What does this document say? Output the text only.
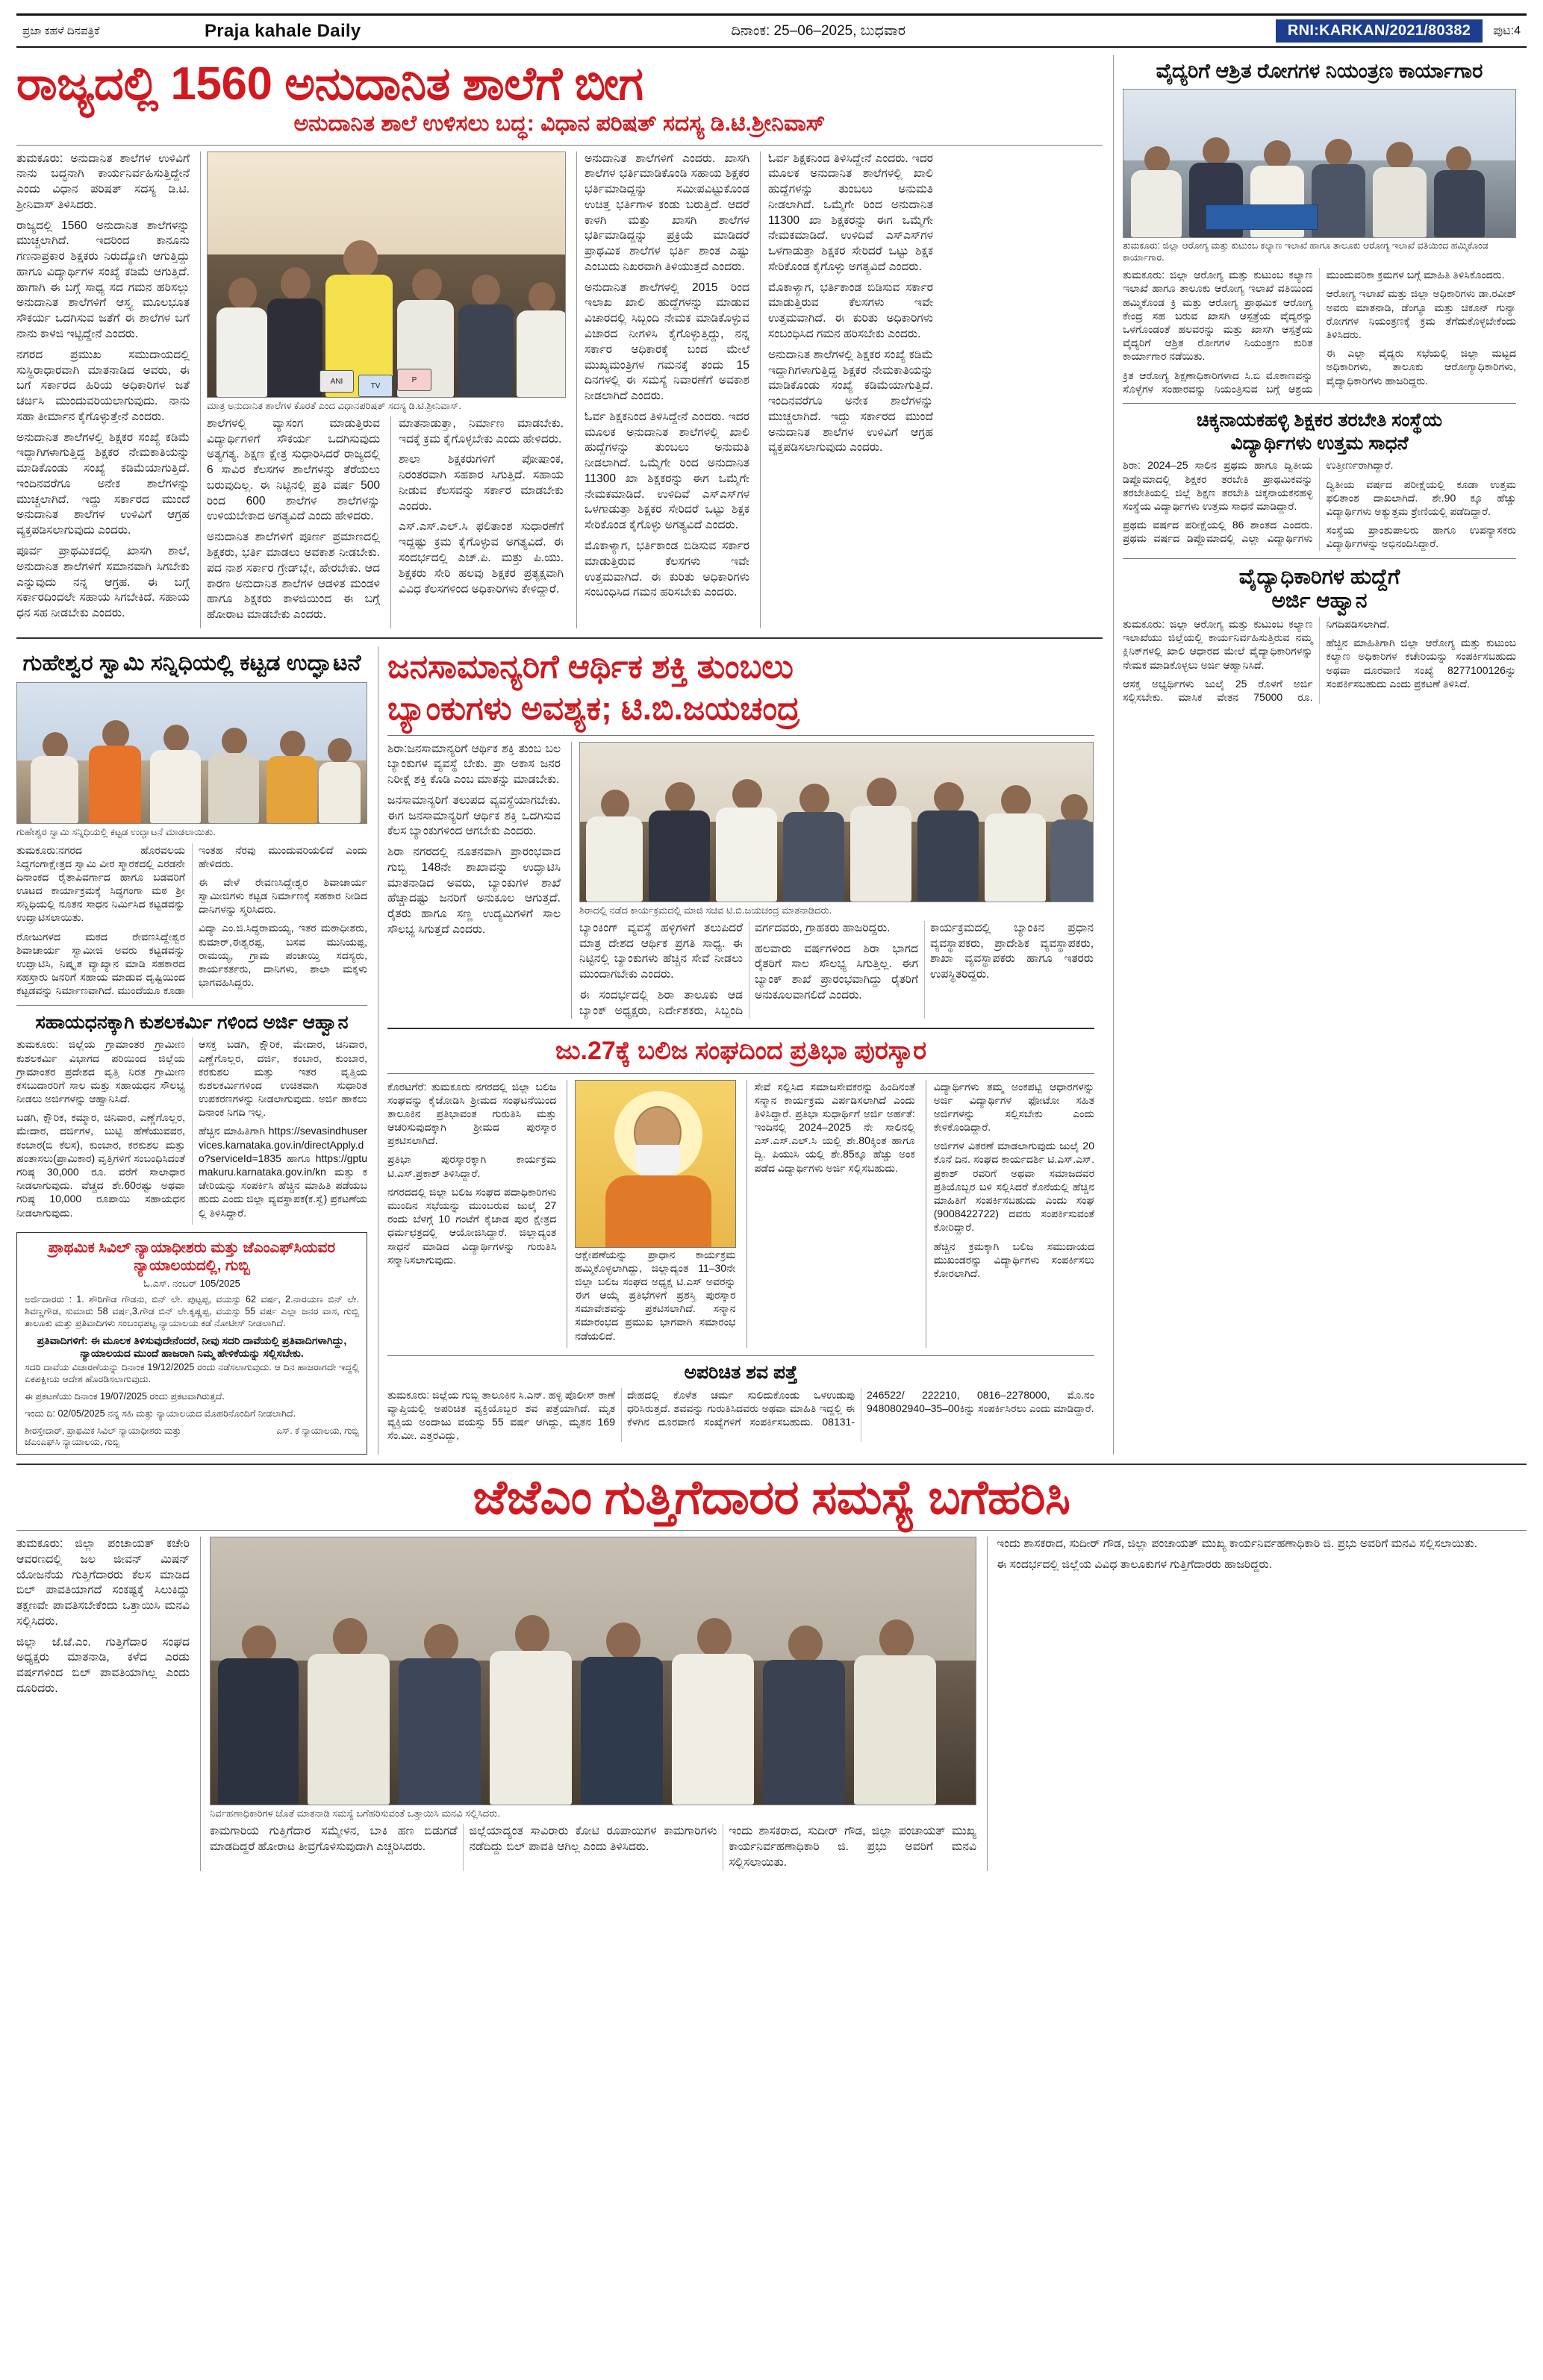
ಪ್ರಜಾ ಕಹಳೆ ದಿನಪತ್ರಿಕೆ	Praja kahale Daily	ದಿನಾಂಕ: 25–06–2025, ಬುಧವಾರ	RNI:KARKAN/2021/80382	ಪುಟ:4
ರಾಜ್ಯದಲ್ಲಿ 1560 ಅನುದಾನಿತ ಶಾಲೆಗೆ ಬೀಗ
ಅನುದಾನಿತ ಶಾಲೆ ಉಳಿಸಲು ಬದ್ಧ: ವಿಧಾನ ಪರಿಷತ್ ಸದಸ್ಯ ಡಿ.ಟಿ.ಶ್ರೀನಿವಾಸ್

ತುಮಕೂರು: ಅನುದಾನಿತ ಶಾಲೆಗಳ ಉಳಿವಿಗೆ ನಾನು ಬದ್ಧನಾಗಿ ಕಾರ್ಯನಿರ್ವಹಿಸುತ್ತಿದ್ದೇನೆ ಎಂದು ವಿಧಾನ ಪರಿಷತ್ ಸದಸ್ಯ ಡಿ.ಟಿ. ಶ್ರೀನಿವಾಸ್ ತಿಳಿಸಿದರು.

ರಾಜ್ಯದಲ್ಲಿ 1560 ಅನುದಾನಿತ ಶಾಲೆಗಳನ್ನು ಮುಚ್ಚಲಾಗಿದೆ. ಇದರಿಂದ ಕಾನೂನು ಗಣನಾಪ್ರಕಾರ ಶಿಕ್ಷಕರು ನಿರುದ್ಯೋಗಿ ಆಗುತ್ತಿದ್ದು ಹಾಗೂ ವಿದ್ಯಾರ್ಥಿಗಳ ಸಂಖ್ಯೆ ಕಡಿಮೆ ಆಗುತ್ತಿದೆ. ಹಾಗಾಗಿ ಈ ಬಗ್ಗೆ ಸಾಧ್ಯ ಸದ ಗಮನ ಹರಿಸಲ್ಲು ಅನುದಾನಿತ ಶಾಲೆಗಳಿಗೆ ಆಸ್ತ್ಯ ಮೂಲಭೂತ ಸೌಕರ್ಯ ಒದಗಿಸುವ ಜತೆಗೆ ಈ ಶಾಲೆಗಳ ಬಗೆ ನಾನು ಕಾಳಜಿ ಇಟ್ಟಿದ್ದೇನೆ ಎಂದರು.

ನಗರದ ಪ್ರಮುಖ ಸಮುದಾಯದಲ್ಲಿ ಸುಸ್ಥಿರಾಧಾರವಾಗಿ ಮಾತನಾಡಿದ ಅವರು, ಈ ಬಗೆ ಸರ್ಕಾರದ ಹಿರಿಯ ಅಧಿಕಾರಿಗಳ ಜತೆ ಚರ್ಚಿಸಿ ಮುಂದುವರಿಯಲಾಗುವುದು. ನಾನು ಸಹಾ ತೀರ್ಮಾನ ಕೈಗೊಳ್ಳುತ್ತೇನೆ ಎಂದರು.

ಅನುದಾನಿತ ಶಾಲೆಗಳಲ್ಲಿ ಶಿಕ್ಷಕರ ಸಂಖ್ಯೆ ಕಡಿಮೆ ಇದ್ದಾಗಿಗಳಾಗುತ್ತಿದ್ದ ಶಿಕ್ಷಕರ ನೇಮಕಾತಿಯನ್ನು ಮಾಡಿಕೊಂಡು ಸಂಖ್ಯೆ ಕಡಿಮೆಯಾಗುತ್ತಿದೆ. ಇಂದಿನವರೆಗೂ ಅನೇಕ ಶಾಲೆಗಳನ್ನು ಮುಚ್ಚಲಾಗಿದೆ. ಇದ್ದು ಸರ್ಕಾರದ ಮುಂದೆ ಅನುದಾನಿತ ಶಾಲೆಗಳ ಉಳಿವಿಗೆ ಆಗ್ರಹ ವ್ಯಕ್ತಪಡಿಸಲಾಗುವುದು ಎಂದರು.

ಪೂರ್ವ ಪ್ರಾಥಮಿಕದಲ್ಲಿ ಖಾಸಗಿ ಶಾಲೆ, ಅನುದಾನಿತ ಶಾಲೆಗಳಿಗೆ ಸಮಾನವಾಗಿ ಸಿಗಬೇಕು ಎನ್ನುವುದು ನನ್ನ ಆಗ್ರಹ. ಈ ಬಗ್ಗೆ ಸರ್ಕಾರದಿಂದಲೇ ಸಹಾಯ ಸಿಗಬೇಕಿದೆ. ಸಹಾಯ ಧನ ಸಹ ನೀಡಬೇಕು ಎಂದರು.

ANI
TV
P
ಮಾತ್ರ ಅನುದಾನಿತ ಶಾಲೆಗಳ ಕೊರತೆ ಎಂದ ವಿಧಾನಪರಿಷತ್ ಸದಸ್ಯ ಡಿ.ಟಿ.ಶ್ರೀನಿವಾಸ್.

ಶಾಲೆಗಳಲ್ಲಿ ವ್ಯಾಸಂಗ ಮಾಡುತ್ತಿರುವ ವಿದ್ಯಾರ್ಥಿಗಳಿಗೆ ಸೌಕರ್ಯ ಒದಗಿಸುವುದು ಅತ್ಯಗತ್ಯ. ಶಿಕ್ಷಣ ಕ್ಷೇತ್ರ ಸುಧಾರಿಸಿದರೆ ರಾಜ್ಯದಲ್ಲಿ 6 ಸಾವಿರ ಕೆಲಸಗಳ ಶಾಲೆಗಳನ್ನು ತೆರೆಯಲು ಬರುವುದಿಲ್ಲ. ಈ ನಿಟ್ಟಿನಲ್ಲಿ ಪ್ರತಿ ವರ್ಷ 500 ರಿಂದ 600 ಶಾಲೆಗಳ ಶಾಲೆಗಳನ್ನು ಉಳಿಯಬೇಕಾದ ಅಗತ್ಯವಿದೆ ಎಂದು ಹೇಳಿದರು.

ಅನುದಾನಿತ ಶಾಲೆಗಳಿಗೆ ಪೂರ್ಣ ಪ್ರಮಾಣದಲ್ಲಿ ಶಿಕ್ಷಕರು, ಭರ್ತಿ ಮಾಡಲು ಅವಕಾಶ ನೀಡಬೇಕು. ಪದ ನಾಶ ಸರ್ಕಾರ ಗ್ರೇಡ್‌ಬ್ಲೇ, ಹೇರಬೇಕು. ಆದ ಕಾರಣ ಅನುದಾನಿತ ಶಾಲೆಗಳ ಆಡಳಿತ ಮಂಡಳಿ ಹಾಗೂ ಶಿಕ್ಷಕರು ಕಾಳಜಿಯಿಂದ ಈ ಬಗ್ಗೆ ಹೋರಾಟ ಮಾಡಬೇಕು ಎಂದರು.

ಮಾತನಾಡುತ್ತಾ, ನಿರ್ಮಾಣ ಮಾಡಬೇಕು. ಇದಕ್ಕೆ ಕ್ರಮ ಕೈಗೊಳ್ಳಬೇಕು ಎಂದು ಹೇಳಿದರು.

ಶಾಲಾ ಶಿಕ್ಷಕರುಗಳಿಗೆ ಪೋಷಾಂಕ, ನಿರಂತರವಾಗಿ ಸಹಕಾರ ಸಿಗುತ್ತಿದೆ. ಸಹಾಯ ನೀಡುವ ಕೆಲಸವನ್ನು ಸರ್ಕಾರ ಮಾಡಬೇಕು ಎಂದರು.

ಎಸ್.ಎಸ್.ಎಲ್.ಸಿ ಫಲಿತಾಂಶ ಸುಧಾರಣೆಗೆ ಇದ್ದಷ್ಟು ಕ್ರಮ ಕೈಗೊಳ್ಳುವ ಅಗತ್ಯವಿದೆ. ಈ ಸಂದರ್ಭದಲ್ಲಿ ಎಚ್.ಪಿ. ಮತ್ತು ಪಿ.ಯು. ಶಿಕ್ಷಕರು ಸೇರಿ ಹಲವು ಶಿಕ್ಷಕರ ಪ್ರತ್ಯಕ್ಷವಾಗಿ ವಿವಿಧ ಕೆಲಸಗಳಿಂದ ಅಧಿಕಾರಿಗಳು ಕೇಳಿದ್ದಾರೆ.

ಅನುದಾನಿತ ಶಾಲೆಗಳಿಗೆ ಎಂದರು. ಖಾಸಗಿ ಶಾಲೆಗಳ ಭರ್ತಿಮಾಡಿಕೊಂಡಿ ಸಹಾಯ ಶಿಕ್ಷಕರ ಭರ್ತಿಮಾಡಿದ್ದನ್ನು ಸಮೀಪವಿಟ್ಟುಕೊಂಡ ಉಚಿತ್ತ ಭರ್ತಿಗಾಳ ಕಂಡು ಬರುತ್ತಿದೆ. ಆದರೆ ಕಾಳಗಿ ಮತ್ತು ಖಾಸಗಿ ಶಾಲೆಗಳ ಭರ್ತಿಮಾಡಿದ್ದನ್ನು ಪ್ರಕ್ರಿಯೆ ಮಾಡಿದರೆ ಪ್ರಾಥಮಿಕ ಶಾಲೆಗಳ ಭರ್ತಿ ಶಾಂತ ಎಷ್ಟು ಎಂಬುದು ನಿಖರವಾಗಿ ತಿಳಿಯುತ್ತದೆ ಎಂದರು.

ಅನುದಾನಿತ ಶಾಲೆಗಳಲ್ಲಿ 2015 ರಿಂದ ಇಲಾಖ ಖಾಲಿ ಹುದ್ದೆಗಳನ್ನು ಮಾಡುವ ವಿಚಾರದಲ್ಲಿ ಸಿಬ್ಬಂದಿ ನೇಮಕ ಮಾಡಿಕೊಳ್ಳುವ ವಿಚಾರದ ನೀಗಳಿಸಿ ಕೈಗೊಳ್ಳುತ್ತಿದ್ದು, ನನ್ನ ಸರ್ಕಾರ ಅಧಿಕಾರಕ್ಕೆ ಬಂದ ಮೇಲೆ ಮುಖ್ಯಮಂತ್ರಿಗಳ ಗಮನಕ್ಕೆ ತಂದು 15 ದಿನಗಳಲ್ಲಿ ಈ ಸಮಸ್ಯೆ ನಿವಾರಣೆಗೆ ಅವಕಾಶ ನೀಡಲಾಗಿದೆ ಎಂದರು.

ಓರ್ವ ಶಿಕ್ಷಕನಿಂದ ತಿಳಿಸಿದ್ದೇನೆ ಎಂದರು. ಇದರ ಮೂಲಕ ಅನುದಾನಿತ ಶಾಲೆಗಳಲ್ಲಿ ಖಾಲಿ ಹುದ್ದೆಗಳನ್ನು ತುಂಬಲು ಅನುಮತಿ ನೀಡಲಾಗಿದೆ. ಒಮ್ಮೆಗೇ ರಿಂದ ಅನುದಾನಿತ 11300 ಖಾ ಶಿಕ್ಷಕರನ್ನು ಈಗ ಒಮ್ಮೆಗೇ ನೇಮಕಮಾಡಿದೆ. ಉಳಿದಿವೆ ಎಸ್‌ಎಸ್‌ಗಳ ಒಳಗಾಡುತ್ತಾ ಶಿಕ್ಷಕರ ಸೇರಿದರೆ ಒಟ್ಟು ಶಿಕ್ಷಕ ಸೇರಿಕೊಂಡ ಕೈಗೊಳ್ಳು ಅಗತ್ಯವಿದೆ ಎಂದರು.

ಮೊಕಾಳ್ಯಾಗ, ಭರ್ತಿಕಾಂಡ ಬಿಡಿಸುವ ಸರ್ಕಾರ ಮಾಡುತ್ತಿರುವ ಕೆಲಸಗಳು ಇವೇ ಉತ್ತಮವಾಗಿದೆ. ಈ ಕುರಿತು ಅಧಿಕಾರಿಗಳು ಸಂಬಂಧಿಸಿದ ಗಮನ ಹರಿಸಬೇಕು ಎಂದರು.

ಓರ್ವ ಶಿಕ್ಷಕನಿಂದ ತಿಳಿಸಿದ್ದೇನೆ ಎಂದರು. ಇದರ ಮೂಲಕ ಅನುದಾನಿತ ಶಾಲೆಗಳಲ್ಲಿ ಖಾಲಿ ಹುದ್ದೆಗಳನ್ನು ತುಂಬಲು ಅನುಮತಿ ನೀಡಲಾಗಿದೆ. ಒಮ್ಮೆಗೇ ರಿಂದ ಅನುದಾನಿತ 11300 ಖಾ ಶಿಕ್ಷಕರನ್ನು ಈಗ ಒಮ್ಮೆಗೇ ನೇಮಕಮಾಡಿದೆ. ಉಳಿದಿವೆ ಎಸ್‌ಎಸ್‌ಗಳ ಒಳಗಾಡುತ್ತಾ ಶಿಕ್ಷಕರ ಸೇರಿದರೆ ಒಟ್ಟು ಶಿಕ್ಷಕ ಸೇರಿಕೊಂಡ ಕೈಗೊಳ್ಳು ಅಗತ್ಯವಿದೆ ಎಂದರು.

ಮೊಕಾಳ್ಯಾಗ, ಭರ್ತಿಕಾಂಡ ಬಿಡಿಸುವ ಸರ್ಕಾರ ಮಾಡುತ್ತಿರುವ ಕೆಲಸಗಳು ಇವೇ ಉತ್ತಮವಾಗಿದೆ. ಈ ಕುರಿತು ಅಧಿಕಾರಿಗಳು ಸಂಬಂಧಿಸಿದ ಗಮನ ಹರಿಸಬೇಕು ಎಂದರು.

ಅನುದಾನಿತ ಶಾಲೆಗಳಲ್ಲಿ ಶಿಕ್ಷಕರ ಸಂಖ್ಯೆ ಕಡಿಮೆ ಇದ್ದಾಗಿಗಳಾಗುತ್ತಿದ್ದ ಶಿಕ್ಷಕರ ನೇಮಕಾತಿಯನ್ನು ಮಾಡಿಕೊಂಡು ಸಂಖ್ಯೆ ಕಡಿಮೆಯಾಗುತ್ತಿದೆ. ಇಂದಿನವರೆಗೂ ಅನೇಕ ಶಾಲೆಗಳನ್ನು ಮುಚ್ಚಲಾಗಿದೆ. ಇದ್ದು ಸರ್ಕಾರದ ಮುಂದೆ ಅನುದಾನಿತ ಶಾಲೆಗಳ ಉಳಿವಿಗೆ ಆಗ್ರಹ ವ್ಯಕ್ತಪಡಿಸಲಾಗುವುದು ಎಂದರು.

ಗುಹೇಶ್ವರ ಸ್ವಾಮಿ ಸನ್ನಿಧಿಯಲ್ಲಿ ಕಟ್ಟಡ ಉದ್ಘಾಟನೆ
ಗುಹೇಶ್ವರ ಸ್ವಾಮಿ ಸನ್ನಿಧಿಯಲ್ಲಿ ಕಟ್ಟಡ ಉದ್ಘಾಟನೆ ಮಾಡಲಾಯಿತು.

ತುಮಕೂರು:ನಗರದ ಹೊರವಲಯ ಸಿದ್ಧಗಂಗಾಕ್ಷೇತ್ರದ ಸ್ವಾಮಿ ವೀರ ಸ್ಮಾರಕದಲ್ಲಿ ಎರಡನೇ ದಿನಾಂಕದ ರೈತಾಪಿವರ್ಗಾದ ಹಾಗೂ ಬಡವರಿಗೆ ಊಟದ ಕಾರ್ಯಾಕ್ರಮಕ್ಕೆ ಸಿದ್ಧಗಂಗಾ ಮಠ ಶ್ರೀ ಸನ್ನಿಧಿಯಲ್ಲಿ ನೂತನ ಸಾಧನ ನಿರ್ಮಿಸಿದ ಕಟ್ಟಡವನ್ನು ಉದ್ಘಾಟಿಸಲಾಯಿತು.

ರೋಜುಗಳದ ಮಠದ ರೇವಣಸಿದ್ದೇಶ್ವರ ಶಿವಾಚಾರ್ಯ ಸ್ವಾಮೀಜಿ ಅವರು ಕಟ್ಟಡವನ್ನು ಉದ್ಘಾಟಿಸಿ, ನಿಷ್ಕೃತ ವ್ಯಾಖ್ಯಾನ ಮಾಡಿ ಸಹಕಾರದ ಸಹಸ್ರಾರು ಜನರಿಗೆ ಸಹಾಯ ಮಾಡುವ ದೃಷ್ಟಿಯಿಂದ ಕಟ್ಟಡವನ್ನು ನಿರ್ಮಾಣವಾಗಿದೆ. ಮುಂದೆಯೂ ಕೂಡಾ ಇಂತಹ ನೆರವು ಮುಂದುವರಿಯಲಿದೆ ಎಂದು ಹೇಳಿದರು.

ಈ ವೇಳೆ ರೇವಣಸಿದ್ದೇಶ್ವರ ಶಿವಾಚಾರ್ಯ ಸ್ವಾಮೀಜಿಗಳು ಕಟ್ಟಡ ನಿರ್ಮಾಣಕ್ಕೆ ಸಹಕಾರ ನೀಡಿದ ದಾನಿಗಳನ್ನು ಸ್ಮರಿಸಿದರು.

ವಿದ್ಯಾ ಎಂ.ಜಿ.ಸಿದ್ಧರಾಮಯ್ಯ, ಇತರ ಮಠಾಧೀಶರು, ಕುಮಾರ್,ಈಶ್ವರಪ್ಪ, ಬಸವ ಮುನಿಯಪ್ಪ, ರಾಮಯ್ಯ, ಗ್ರಾಮ ಪಂಚಾಯ್ತಿ ಸದಸ್ಯರು, ಕಾರ್ಯಕರ್ತರು, ದಾನಿಗಳು, ಶಾಲಾ ಮಕ್ಕಳು ಭಾಗವಹಿಸಿದ್ದರು.

ಸಹಾಯಧನಕ್ಕಾಗಿ ಕುಶಲಕರ್ಮಿ ಗಳಿಂದ ಅರ್ಜಿ ಆಹ್ವಾನ

ತುಮಕೂರು: ಜಿಲ್ಲೆಯ ಗ್ರಾಮಾಂತರ ಗ್ರಾಮೀಣ ಕುಶಲಕರ್ಮಿ ವಿಭಾಗದ ಪರಿಯಿಂದ ಜಿಲ್ಲೆಯ ಗ್ರಾಮಾಂತರ ಪ್ರದೇಶದ ವೃತ್ತಿ ನಿರತ ಗ್ರಾಮೀಣ ಕಸಬುದಾರರಿಗೆ ಸಾಲ ಮತ್ತು ಸಹಾಯಧನ ಸೌಲಭ್ಯ ನೀಡಲು ಅರ್ಜಿಗಳನ್ನು ಆಹ್ವಾನಿಸಿದೆ.

ಬಡಗಿ, ಕ್ಷೌರಿಕ, ಕಮ್ಮಾರ, ಚಿನಿವಾರ, ಎಣ್ಣೆಗೊಲ್ಲರ, ಮೇದಾರ, ದರ್ಜಿಗಳ, ಬುಟ್ಟಿ ಹೆಣೆಯುವವರ, ಕಂಬಾರ(ಬಿ ಕೆಲಸ), ಕುಂಬಾರ, ಕರಕುಶಲ ಮತ್ತು ಹಂತಾಸಲು(ಪ್ರಾಮಿಕಾರ) ವೃತ್ತಿಗಳಿಗೆ ಸಂಬಂಧಿಸಿದಂತೆ ಗರಿಷ್ಠ 30,000 ರೂ. ವರೆಗೆ ಸಾಲಾಧಾರ ನೀಡಲಾಗುವುದು. ವೆಚ್ಚದ ಶೇ.60ರಷ್ಟು ಅಥವಾ ಗರಿಷ್ಠ 10,000 ರೂಪಾಯಿ ಸಹಾಯಧನ ನೀಡಲಾಗುವುದು.

ಆಸಕ್ತ ಬಡಗಿ, ಕ್ಷೌರಿಕ, ಮೇದಾರ, ಚಿನಿವಾರ, ಎಣ್ಣೆಗೊಲ್ಲರ, ದರ್ಜಿ, ಕಂಬಾರ, ಕುಂಬಾರ, ಕರಕುಶಲ ಮತ್ತು ಇತರ ವೃತ್ತಿಯ ಕುಶಲಕರ್ಮಿಗಳಿಂದ ಉಚಿತವಾಗಿ ಸುಧಾರಿತ ಉಪಕರಣಗಳನ್ನು ನೀಡಲಾಗುವುದು. ಅರ್ಜಿ ಹಾಕಲು ದಿನಾಂಕ ನಿಗದಿ ಇಲ್ಲ.

ಹೆಚ್ಚಿನ ಮಾಹಿತಿಗಾಗಿ https://sevasindhuservices.karnataka.gov.in/directApply.do?serviceId=1835 ಹಾಗೂ https://gptumakuru.karnataka.gov.in/kn ಮತ್ತು ಕಚೇರಿಯನ್ನು ಸಂಪರ್ಕಿಸಿ ಹೆಚ್ಚಿನ ಮಾಹಿತಿ ಪಡೆಯಬಹುದು ಎಂದು ಜಿಲ್ಲಾ ವ್ಯವಸ್ಥಾಪಕ(ಕ.ಸ್ವೆ) ಪ್ರಕಟಣೆಯಲ್ಲಿ ತಿಳಿಸಿದ್ದಾರೆ.

ಪ್ರಾಥಮಿಕ ಸಿವಿಲ್ ನ್ಯಾಯಾಧೀಶರು ಮತ್ತು ಜೆಎಂಎಫ್‌ಸಿಯವರ ನ್ಯಾಯಾಲಯದಲ್ಲಿ, ಗುಬ್ಬಿ
ಓ.ಎಸ್. ನಂಬರ್ 105/2025

ಅರ್ಜಿದಾರರು : 1. ಶೌರಿಗೌಡ ಗೌಡನು, ಬಿನ್ ಲೇ. ಪುಟ್ಟಪ್ಪ, ವಯಸ್ಸು 62 ವರ್ಷ, 2.ನಾರಯಣ ಬಿನ್ ಲೇ. ಶಿವಣ್ಣಗೌಡ, ಸುಮಾರು 58 ವರ್ಷ,3.ಗೌಡ ಬಿನ್ ಲೇ.ಕೃಷ್ಣಪ್ಪ, ವಯಸ್ಸು 55 ವರ್ಷ ಎಲ್ಲಾ ಜನರ ವಾಸ, ಗುಬ್ಬಿ ತಾಲೂಕು ಮತ್ತು ಪ್ರತಿವಾದಿಗಳು ಸಂಬಂಧಪಟ್ಟ ನ್ಯಾಯಾಲಯ ಕಡೆ ನೋಟೀಸ್ ನೀಡಲಾಗಿದೆ.

ಪ್ರತಿವಾದಿಗಳಿಗೆ: ಈ ಮೂಲಕ ತಿಳಿಸುವುದೇನೆಂದರೆ, ನೀವು ಸದರಿ ದಾವೆಯಲ್ಲಿ ಪ್ರತಿವಾದಿಗಳಾಗಿದ್ದು, ನ್ಯಾಯಾಲಯದ ಮುಂದೆ ಹಾಜರಾಗಿ ನಿಮ್ಮ ಹೇಳಿಕೆಯನ್ನು ಸಲ್ಲಿಸಬೇಕು.

ಸದರಿ ದಾವೆಯ ವಿಚಾರಣೆಯನ್ನು ದಿನಾಂಕ 19/12/2025 ರಂದು ನಡೆಸಲಾಗುವುದು. ಆ ದಿನ ಹಾಜರಾಗದೇ ಇದ್ದಲ್ಲಿ ಏಕಪಕ್ಷೀಯ ಆದೇಶ ಹೊರಡಿಸಲಾಗುವುದು.

ಈ ಪ್ರಕಟಣೆಯು ದಿನಾಂಕ 19/07/2025 ರಂದು ಪ್ರಕಟವಾಗಿರುತ್ತದೆ.

ಇಂದು ದಿ: 02/05/2025 ನನ್ನ ಸಹಿ ಮತ್ತು ನ್ಯಾಯಾಲಯದ ಮೊಹರಿನೊಂದಿಗೆ ನೀಡಲಾಗಿದೆ.

ಶೀರಸ್ತೇದಾರ್, ಪ್ರಾಥಮಿಕ ಸಿವಿಲ್ ನ್ಯಾಯಾಧೀಶರು ಮತ್ತು ಜೆಎಂಎಫ್‌ಸಿ ನ್ಯಾಯಾಲಯ, ಗುಬ್ಬಿ
ಎಸ್. ಕೆ ನ್ಯಾಯಾಲಯ, ಗುಬ್ಬಿ
ಜನಸಾಮಾನ್ಯರಿಗೆ ಆರ್ಥಿಕ ಶಕ್ತಿ ತುಂಬಲು
ಬ್ಯಾಂಕುಗಳು ಅವಶ್ಯಕ; ಟಿ.ಬಿ.ಜಯಚಂದ್ರ

ಶಿರಾ:ಜನಸಾಮಾನ್ಯರಿಗೆ ಆರ್ಥಿಕ ಶಕ್ತಿ ತುಂಬ ಬಲ ಬ್ಯಾಂಕುಗಳ ವ್ಯವಸ್ಥೆ ಬೇಕು. ಪ್ರಾ ಅಕಾಸ ಜನರ ನಿರೀಕ್ಷೆ ಶಕ್ತಿ ಕೊಡಿ ಎಂಬ ಮಾತನ್ನು ಮಾಡಬೇಕು.

ಜನಸಾಮಾನ್ಯರಿಗೆ ತಲುಪದ ವ್ಯವಸ್ಥೆಯಾಗಬೇಕು. ಈಗ ಜನಸಾಮಾನ್ಯರಿಗೆ ಆರ್ಥಿಕ ಶಕ್ತಿ ಒದಗಿಸುವ ಕೆಲಸ ಬ್ಯಾಂಕುಗಳಿಂದ ಆಗಬೇಕು ಎಂದರು.

ಶಿರಾ ನಗರದಲ್ಲಿ ನೂತನವಾಗಿ ಪ್ರಾರಂಭವಾದ ಗುಬ್ಬಿ 148ನೇ ಶಾಖಾವನ್ನು ಉದ್ಘಾಟಿಸಿ ಮಾತನಾಡಿದ ಅವರು, ಬ್ಯಾಂಕುಗಳ ಶಾಖೆ ಹೆಚ್ಚಾದಷ್ಟು ಜನರಿಗೆ ಅನುಕೂಲ ಆಗುತ್ತದೆ. ರೈತರು ಹಾಗೂ ಸಣ್ಣ ಉದ್ಯಮಿಗಳಿಗೆ ಸಾಲ ಸೌಲಭ್ಯ ಸಿಗುತ್ತದೆ ಎಂದರು.

ಶಿರಾದಲ್ಲಿ ನಡೆದ ಕಾರ್ಯಕ್ರಮದಲ್ಲಿ ಮಾಜಿ ಸಚಿವ ಟಿ.ಬಿ.ಜಯಚಂದ್ರ ಮಾತನಾಡಿದರು.

ಬ್ಯಾಂಕಿಂಗ್ ವ್ಯವಸ್ಥೆ ಹಳ್ಳಿಗಳಿಗೆ ತಲುಪಿದರೆ ಮಾತ್ರ ದೇಶದ ಆರ್ಥಿಕ ಪ್ರಗತಿ ಸಾಧ್ಯ. ಈ ನಿಟ್ಟಿನಲ್ಲಿ ಬ್ಯಾಂಕುಗಳು ಹೆಚ್ಚಿನ ಸೇವೆ ನೀಡಲು ಮುಂದಾಗಬೇಕು ಎಂದರು.

ಈ ಸಂದರ್ಭದಲ್ಲಿ ಶಿರಾ ತಾಲೂಕು ಆಡ ಬ್ಯಾಂಕ್ ಅಧ್ಯಕ್ಷರು, ನಿರ್ದೇಶಕರು, ಸಿಬ್ಬಂದಿ ವರ್ಗದವರು, ಗ್ರಾಹಕರು ಹಾಜರಿದ್ದರು.

ಹಲವಾರು ವರ್ಷಗಳಿಂದ ಶಿರಾ ಭಾಗದ ರೈತರಿಗೆ ಸಾಲ ಸೌಲಭ್ಯ ಸಿಗುತ್ತಿಲ್ಲ. ಈಗ ಬ್ಯಾಂಕ್ ಶಾಖೆ ಪ್ರಾರಂಭವಾಗಿದ್ದು ರೈತರಿಗೆ ಅನುಕೂಲವಾಗಲಿದೆ ಎಂದರು.

ಕಾರ್ಯಕ್ರಮದಲ್ಲಿ ಬ್ಯಾಂಕಿನ ಪ್ರಧಾನ ವ್ಯವಸ್ಥಾಪಕರು, ಪ್ರಾದೇಶಿಕ ವ್ಯವಸ್ಥಾಪಕರು, ಶಾಖಾ ವ್ಯವಸ್ಥಾಪಕರು ಹಾಗೂ ಇತರರು ಉಪಸ್ಥಿತರಿದ್ದರು.

ಜು.27ಕ್ಕೆ ಬಲಿಜ ಸಂಘದಿಂದ ಪ್ರತಿಭಾ ಪುರಸ್ಕಾರ

ಕೊರಟಗೆರೆ: ತುಮಕೂರು ನಗರದಲ್ಲಿ ಜಿಲ್ಲಾ ಬಲಿಜ ಸಂಘವನ್ನು ಕೈಜೋಡಿಸಿ ಶ್ರೀಮದ ಸಂಘಟನೆಯಿಂದ ತಾಲೂಕಿನ ಪ್ರತಿಭಾವಂತ ಗುರುತಿಸಿ ಮತ್ತು ಆಚರಿಸುವುದಕ್ಕಾಗಿ ಶ್ರೀಮದ ಪುರಸ್ಕಾರ ಪ್ರಕಟಿಸಲಾಗಿದೆ.

ಪ್ರತಿಭಾ ಪುರಸ್ಕಾರಕ್ಕಾಗಿ ಕಾರ್ಯಕ್ರಮ ಟಿ.ಎಸ್.ಪ್ರಕಾಶ್ ತಿಳಿಸಿದ್ದಾರೆ.

ನಗರದದಲ್ಲಿ ಜಿಲ್ಲಾ ಬಲಿಜ ಸಂಘದ ಪದಾಧಿಕಾರಿಗಳು ಮುಂದಿನ ಸಭೆಯನ್ನು ಮುಂಬರುವ ಜುಲೈ 27 ರಂದು ಬೆಳಗ್ಗೆ 10 ಗಂಟೆಗೆ ಕೈಜಾಡ ಪುರ ಕ್ಷೇತ್ರದ ಧರ್ಮಛತ್ರದಲ್ಲಿ ಆಯೋಜಿಸಿದ್ದಾರೆ. ಜಿಲ್ಲಾದ್ಯಂತ ಸಾಧನೆ ಮಾಡಿದ ವಿದ್ಯಾರ್ಥಿಗಳನ್ನು ಗುರುತಿಸಿ ಸನ್ಮಾನಿಸಲಾಗುವುದು.	ಆಕ್ಷೇಪಣೆಯನ್ನು ಪ್ರಾಧಾನ ಕಾರ್ಯಕ್ರಮ ಹಮ್ಮಿಕೊಳ್ಳಲಾಗಿದ್ದು, ಜಿಲ್ಲಾದ್ಯಂತ 11–30ನೇ ಜಿಲ್ಲಾ ಬಲಿಜ ಸಂಘದ ಅಧ್ಯಕ್ಷ ಟಿ.ಎಸ್ ಅವರನ್ನು ಈಗ ಆಯ್ಕೆ ಪ್ರತಿಭೆಗಳಿಗೆ ಪ್ರಶಸ್ತಿ ಪುರಸ್ಕಾರ ಸಮಾವೇಶವನ್ನು ಪ್ರಕಟಿಸಲಾಗಿದೆ. ಸನ್ಮಾನ ಸಮಾರಂಭದ ಪ್ರಮುಖ ಭಾಗವಾಗಿ ಸಮಾರಂಭ ನಡೆಯಲಿದೆ.

ಸೇವೆ ಸಲ್ಲಿಸಿದ ಸಮಾಜಸೇವಕರನ್ನು ಹಿಂದಿನಂತೆ ಸನ್ಮಾನ ಕಾರ್ಯಕ್ರಮ ಎರ್ಪಡಿಸಲಾಗಿದೆ ಎಂದು ತಿಳಿಸಿದ್ದಾರೆ. ಪ್ರತಿಭಾ ಸುಧಾರ್ಥಿಗೆ ಅರ್ಜಿ ಅರ್ಹತೆ: ಇಂದಿನಲ್ಲಿ 2024–2025 ನೇ ಸಾಲಿನಲ್ಲಿ ಎಸ್.ಎಸ್.ಎಲ್.ಸಿ ಯಲ್ಲಿ ಶೇ.80ಕ್ಕಿಂತ ಹಾಗೂ ದ್ವಿ. ಪಿಯುಸಿ ಯಲ್ಲಿ ಶೇ.85ಕ್ಕೂ ಹೆಚ್ಚು ಅಂಕ ಪಡೆದ ವಿದ್ಯಾರ್ಥಿಗಳು ಅರ್ಜಿ ಸಲ್ಲಿಸಬಹುದು.

ವಿದ್ಯಾರ್ಥಿಗಳು ತಮ್ಮ ಅಂಕಪಟ್ಟಿ ಆಧಾರಗಳನ್ನು ಅರ್ಜಿ ವಿದ್ಯಾರ್ಥಿಗಳ ಫೋಟೋ ಸಹಿತ ಅರ್ಜಿಗಳನ್ನು ಸಲ್ಲಿಸಬೇಕು ಎಂದು ಕೇಳಿಕೊಂಡಿದ್ದಾರೆ.

ಅರ್ಜಿಗಳ ವಿತರಣೆ ಮಾಡಲಾಗುವುದು ಜುಲೈ 20 ಕೊನೆ ದಿನ. ಸಂಘದ ಕಾರ್ಯದರ್ಶಿ ಟಿ.ಎಸ್.ಎಸ್. ಪ್ರಕಾಶ್ ರವರಿಗೆ ಅಥವಾ ಸಮಾಜದವರ ಪ್ರತಿಯೊಬ್ಬರ ಬಳಿ ಸಲ್ಲಿಸಿದರೆ ಕೊನೆಯಲ್ಲಿ ಹೆಚ್ಚಿನ ಮಾಹಿತಿಗೆ ಸಂಪರ್ಕಿಸಬಹುದು ಎಂದು ಸಂಘ (9008422722) ದವರು ಸಂಪರ್ಕಿಸುವಂತೆ ಕೋರಿದ್ದಾರೆ.

ಹೆಚ್ಚಿನ ಕ್ರಮಕ್ಕಾಗಿ ಬಲಿಜ ಸಮುದಾಯದ ಮುಖಂಡರನ್ನು ವಿದ್ಯಾರ್ಥಿಗಳು ಸಂಪರ್ಕಿಸಲು ಕೋರಲಾಗಿದೆ.

ಅಪರಿಚಿತ ಶವ ಪತ್ತೆ

ತುಮಕೂರು: ಜಿಲ್ಲೆಯ ಗುಬ್ಬಿ ತಾಲೂಕಿನ ಸಿ.ಎನ್. ಹಳ್ಳಿ ಪೊಲೀಸ್ ಠಾಣೆ ವ್ಯಾಪ್ತಿಯಲ್ಲಿ ಅಪರಿಚಿತ ವ್ಯಕ್ತಿಯೊಬ್ಬರ ಶವ ಪತ್ತೆಯಾಗಿದೆ. ಮೃತ ವ್ಯಕ್ತಿಯ ಅಂದಾಜು ವಯಸ್ಸು 55 ವರ್ಷ ಆಗಿದ್ದು, ಮೃತನ 169 ಸೆಂ.ಮೀ. ಎತ್ತರವಿದ್ದು,

ದೇಹದಲ್ಲಿ ಕೊಳೆತ ಚರ್ಮ ಸುಲಿದುಕೊಂಡು ಒಳಉಡುಪು ಧರಿಸಿರುತ್ತದೆ. ಶವವನ್ನು ಗುರುತಿಸಿದವರು ಅಥವಾ ಮಾಹಿತಿ ಇದ್ದಲ್ಲಿ ಈ ಕೆಳಗಿನ ದೂರವಾಣಿ ಸಂಖ್ಯೆಗಳಿಗೆ ಸಂಪರ್ಕಿಸಬಹುದು. 08131-246522/ 222210, 0816–2278000, ಮೊ.ನಂ 9480802940–35–00ಕಿನ್ನು ಸಂಪರ್ಕಿಸಿರಲು ಎಂದು ಮಾಡಿದ್ದಾರೆ.

ವೈದ್ಯರಿಗೆ ಆಶ್ರಿತ ರೋಗಗಳ ನಿಯಂತ್ರಣ ಕಾರ್ಯಾಗಾರ
ತುಮಕೂರು: ಜಿಲ್ಲಾ ಆರೋಗ್ಯ ಮತ್ತು ಕುಟುಂಬ ಕಲ್ಯಾಣ ಇಲಾಖೆ ಹಾಗೂ ತಾಲೂಕು ಆರೋಗ್ಯ ಇಲಾಖೆ ವತಿಯಿಂದ ಹಮ್ಮಿಕೊಂಡ ಕಾರ್ಯಾಗಾರ.

ತುಮಕೂರು: ಜಿಲ್ಲಾ ಆರೋಗ್ಯ ಮತ್ತು ಕುಟುಂಬ ಕಲ್ಯಾಣ ಇಲಾಖೆ ಹಾಗೂ ತಾಲೂಕು ಆರೋಗ್ಯ ಇಲಾಖೆ ವತಿಯಿಂದ ಹಮ್ಮಿಕೊಂಡ ಕ್ರಿ ಮತ್ತು ಆರೋಗ್ಯ ಪ್ರಾಥಮಿಕ ಆರೋಗ್ಯ ಕೇಂದ್ರ ಸಹ ಬರುವ ಖಾಸಗಿ ಆಸ್ಪತ್ರೆಯ ವೈದ್ಯರನ್ನು ಒಳಗೊಂಡಂತೆ ಹಲವರನ್ನು ಮತ್ತು ಖಾಸಗಿ ಆಸ್ಪತ್ರೆಯ ವೈದ್ಯರಿಗೆ ಆಶ್ರಿತ ರೋಗಗಳ ನಿಯಂತ್ರಣ ಕುರಿತ ಕಾರ್ಯಾಗಾರ ನಡೆಯಿತು.

ಕ್ರಿತ ಆರೋಗ್ಯ ಶಿಕ್ಷಣಾಧಿಕಾರಿಗಳಾದ ಸಿ.ಬಿ ಮೊಕಾಣವನ್ನು ಸೊಳ್ಳೆಗಳ ಸಂಹಾರವನ್ನು ನಿಯಂತ್ರಿಸುವ ಬಗ್ಗೆ ಆಶ್ರಯ ಮುಂದುವರಿಕಾ ಕ್ರಮಗಳ ಬಗ್ಗೆ ಮಾಹಿತಿ ತಿಳಿಸಿಕೊಂದರು.

ಆರೋಗ್ಯ ಇಲಾಖೆ ಮತ್ತು ಜಿಲ್ಲಾ ಅಧಿಕಾರಿಗಳು ಡಾ.ರವೀಶ್ ಅವರು ಮಾತನಾಡಿ, ಡೆಂಗ್ಯೂ ಮತ್ತು ಚಿಕೂನ್ ಗುನ್ಯಾ ರೋಗಗಳ ನಿಯಂತ್ರಣಕ್ಕೆ ಕ್ರಮ ತೆಗೆದುಕೊಳ್ಳಬೇಕೆಂದು ತಿಳಿಸಿದರು.

ಈ ಎಲ್ಲಾ ವೈದ್ಯರು ಸಭೆಯಲ್ಲಿ ಜಿಲ್ಲಾ ಮಟ್ಟದ ಅಧಿಕಾರಿಗಳು, ತಾಲೂಕು ಆರೋಗ್ಯಾಧಿಕಾರಿಗಳು, ವೈದ್ಯಾಧಿಕಾರಿಗಳು ಹಾಜರಿದ್ದರು.

ಚಿಕ್ಕನಾಯಕಹಳ್ಳಿ ಶಿಕ್ಷಕರ ತರಬೇತಿ ಸಂಸ್ಥೆಯ
ವಿದ್ಯಾರ್ಥಿಗಳು ಉತ್ತಮ ಸಾಧನೆ

ಶಿರಾ: 2024–25 ಸಾಲಿನ ಪ್ರಥಮ ಹಾಗೂ ದ್ವಿತೀಯ ಡಿಪ್ಲೊಮಾದಲ್ಲಿ ಶಿಕ್ಷಕರ ತರಬೇತಿ ಪ್ರಾಥಮಿಕವನ್ನು ತರಬೇತಿಯಲ್ಲಿ ಜಿಲ್ಲೆ ಶಿಕ್ಷಣ ತರಬೇತಿ ಚಿಕ್ಕನಾಯಕನಹಳ್ಳಿ ಸಂಸ್ಥೆಯ ವಿದ್ಯಾರ್ಥಿಗಳು ಉತ್ತಮ ಸಾಧನೆ ಮಾಡಿದ್ದಾರೆ.

ಪ್ರಥಮ ವರ್ಷದ ಪರೀಕ್ಷೆಯಲ್ಲಿ 86 ಶಾಂತದ ಎಂದರು. ಪ್ರಥಮ ವರ್ಷದ ಡಿಪ್ಲೊಮಾದಲ್ಲಿ ಎಲ್ಲಾ ವಿದ್ಯಾರ್ಥಿಗಳು ಉತ್ತೀರ್ಣರಾಗಿದ್ದಾರೆ.

ದ್ವಿತೀಯ ವರ್ಷದ ಪರೀಕ್ಷೆಯಲ್ಲಿ ಕೂಡಾ ಉತ್ತಮ ಫಲಿತಾಂಶ ದಾಖಲಾಗಿದೆ. ಶೇ.90 ಕ್ಕೂ ಹೆಚ್ಚು ವಿದ್ಯಾರ್ಥಿಗಳು ಅತ್ಯುತ್ತಮ ಶ್ರೇಣಿಯಲ್ಲಿ ಪಡೆದಿದ್ದಾರೆ.

ಸಂಸ್ಥೆಯ ಪ್ರಾಂಶುಪಾಲರು ಹಾಗೂ ಉಪನ್ಯಾಸಕರು ವಿದ್ಯಾರ್ಥಿಗಳನ್ನು ಅಭಿನಂದಿಸಿದ್ದಾರೆ.

ವೈದ್ಯಾಧಿಕಾರಿಗಳ ಹುದ್ದೆಗೆ
ಅರ್ಜಿ ಆಹ್ವಾನ

ತುಮಕೂರು: ಜಿಲ್ಲಾ ಆರೋಗ್ಯ ಮತ್ತು ಕುಟುಂಬ ಕಲ್ಯಾಣ ಇಲಾಖೆಯು ಜಿಲ್ಲೆಯಲ್ಲಿ ಕಾರ್ಯನಿರ್ವಹಿಸುತ್ತಿರುವ ನಮ್ಮ ಕ್ಲಿನಿಕ್‌ಗಳಲ್ಲಿ ಖಾಲಿ ಆಧಾರದ ಮೇಲೆ ವೈದ್ಯಾಧಿಕಾರಿಗಳನ್ನು ನೇಮಕ ಮಾಡಿಕೊಳ್ಳಲು ಅರ್ಜಿ ಆಹ್ವಾನಿಸಿದೆ.

ಆಸಕ್ತ ಅಭ್ಯರ್ಥಿಗಳು ಜುಲೈ 25 ರೊಳಗೆ ಅರ್ಜಿ ಸಲ್ಲಿಸಬೇಕು. ಮಾಸಿಕ ವೇತನ 75000 ರೂ. ನಿಗದಿಪಡಿಸಲಾಗಿದೆ.

ಹೆಚ್ಚಿನ ಮಾಹಿತಿಗಾಗಿ ಜಿಲ್ಲಾ ಆರೋಗ್ಯ ಮತ್ತು ಕುಟುಂಬ ಕಲ್ಯಾಣ ಅಧಿಕಾರಿಗಳ ಕಚೇರಿಯನ್ನು ಸಂಪರ್ಕಿಸಬಹುದು ಅಥವಾ ದೂರವಾಣಿ ಸಂಖ್ಯೆ 8277100126ನ್ನು ಸಂಪರ್ಕಿಸಬಹುದು ಎಂದು ಪ್ರಕಟಣೆ ತಿಳಿಸಿದೆ.

ಜೆಜೆಎಂ ಗುತ್ತಿಗೆದಾರರ ಸಮಸ್ಯೆ ಬಗೆಹರಿಸಿ

ತುಮಕೂರು: ಜಿಲ್ಲಾ ಪಂಚಾಯತ್ ಕಚೇರಿ ಆವರಣದಲ್ಲಿ ಜಲ ಜೀವನ್ ಮಿಷನ್ ಯೋಜನೆಯ ಗುತ್ತಿಗೆದಾರರು ಕೆಲಸ ಮಾಡಿದ ಬಿಲ್ ಪಾವತಿಯಾಗದೆ ಸಂಕಷ್ಟಕ್ಕೆ ಸಿಲುಕಿದ್ದು ತಕ್ಷಣವೇ ಪಾವತಿಸಬೇಕೆಂದು ಒತ್ತಾಯಿಸಿ ಮನವಿ ಸಲ್ಲಿಸಿದರು.

ಜಿಲ್ಲಾ ಜೆ.ಜೆ.ಎಂ. ಗುತ್ತಿಗೆದಾರ ಸಂಘದ ಅಧ್ಯಕ್ಷರು ಮಾತನಾಡಿ, ಕಳೆದ ಎರಡು ವರ್ಷಗಳಿಂದ ಬಿಲ್ ಪಾವತಿಯಾಗಿಲ್ಲ ಎಂದು ದೂರಿದರು.

ನಿರ್ವಹಣಾಧಿಕಾರಿಗಳ ಜೊತೆ ಮಾತನಾಡಿ ಸಮಸ್ಯೆ ಬಗೆಹರಿಸುವಂತೆ ಒತ್ತಾಯಿಸಿ ಮನವಿ ಸಲ್ಲಿಸಿದರು.

ಕಾಮಗಾರಿಯ ಗುತ್ತಿಗೆದಾರ ಸಮ್ಮೇಳನ, ಬಾಕಿ ಹಣ ಬಿಡುಗಡೆ ಮಾಡದಿದ್ದರೆ ಹೋರಾಟ ತೀವ್ರಗೊಳಿಸುವುದಾಗಿ ಎಚ್ಚರಿಸಿದರು.

ಜಿಲ್ಲೆಯಾದ್ಯಂತ ಸಾವಿರಾರು ಕೋಟಿ ರೂಪಾಯಿಗಳ ಕಾಮಗಾರಿಗಳು ನಡೆದಿದ್ದು ಬಿಲ್ ಪಾವತಿ ಆಗಿಲ್ಲ ಎಂದು ತಿಳಿಸಿದರು.

ಇಂದು ಶಾಸಕರಾದ, ಸುದೀರ್ ಗೌಡ, ಜಿಲ್ಲಾ ಪಂಚಾಯತ್ ಮುಖ್ಯ ಕಾರ್ಯನಿರ್ವಹಣಾಧಿಕಾರಿ ಜಿ. ಪ್ರಭು ಅವರಿಗೆ ಮನವಿ ಸಲ್ಲಿಸಲಾಯಿತು.

ಇಂದು ಶಾಸಕರಾದ, ಸುದೀರ್ ಗೌಡ, ಜಿಲ್ಲಾ ಪಂಚಾಯತ್ ಮುಖ್ಯ ಕಾರ್ಯನಿರ್ವಹಣಾಧಿಕಾರಿ ಜಿ. ಪ್ರಭು ಅವರಿಗೆ ಮನವಿ ಸಲ್ಲಿಸಲಾಯಿತು.

ಈ ಸಂದರ್ಭದಲ್ಲಿ ಜಿಲ್ಲೆಯ ವಿವಿಧ ತಾಲೂಕುಗಳ ಗುತ್ತಿಗೆದಾರರು ಹಾಜರಿದ್ದರು.
